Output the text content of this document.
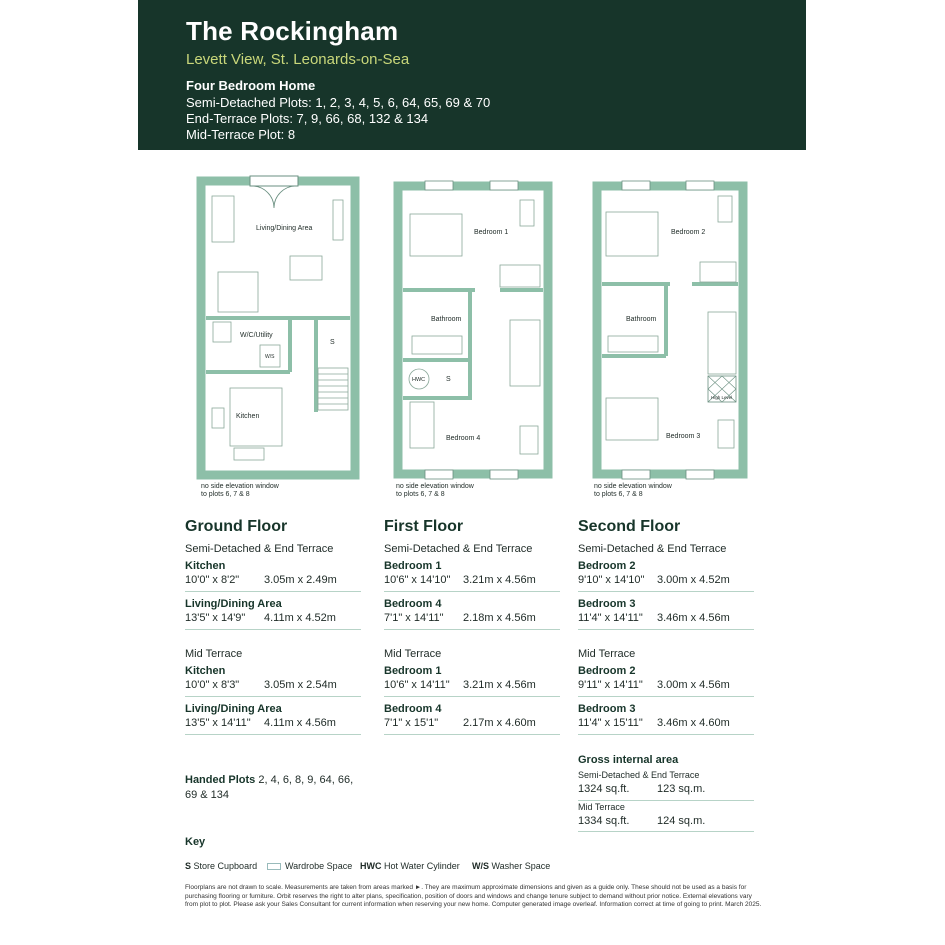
The Rockingham
Levett View, St. Leonards-on-Sea
Four Bedroom Home
Semi-Detached Plots: 1, 2, 3, 4, 5, 6, 64, 65, 69 & 70
End-Terrace Plots: 7, 9, 66, 68, 132 & 134
Mid-Terrace Plot: 8
Living/Dining Area
W/C/Utility
W/S
Kitchen
S
no side elevation window
to plots 6, 7 & 8
Bedroom 1
Bathroom
HWC	S
Bedroom 4
no side elevation window
to plots 6, 7 & 8
Bedroom 2
Bathroom
High Level
Bedroom 3
no side elevation window
to plots 6, 7 & 8
Ground Floor
Semi-Detached & End Terrace
Kitchen
10'0" x 8'2" 3.05m x 2.49m
Living/Dining Area
13'5" x 14'9" 4.11m x 4.52m
Mid Terrace
Kitchen
10'0" x 8'3" 3.05m x 2.54m
Living/Dining Area
13'5" x 14'11" 4.11m x 4.56m
First Floor
Semi-Detached & End Terrace
Bedroom 1
10'6" x 14'10" 3.21m x 4.56m
Bedroom 4
7'1" x 14'11" 2.18m x 4.56m
Mid Terrace
Bedroom 1
10'6" x 14'11" 3.21m x 4.56m
Bedroom 4
7'1" x 15'1" 2.17m x 4.60m
Second Floor
Semi-Detached & End Terrace
Bedroom 2
9'10" x 14'10" 3.00m x 4.52m
Bedroom 3
11'4" x 14'11" 3.46m x 4.56m
Mid Terrace
Bedroom 2
9'11" x 14'11" 3.00m x 4.56m
Bedroom 3
11'4" x 15'11" 3.46m x 4.60m
Gross internal area
Semi-Detached & End Terrace
1324 sq.ft.	123 sq.m.
Mid Terrace
1334 sq.ft.	124 sq.m.
Handed Plots 2, 4, 6, 8, 9, 64, 66,
69 & 134
Key
S Store Cupboard	Wardrobe Space HWC Hot Water Cylinder W/S Washer Space
Floorplans are not drawn to scale. Measurements are taken from areas marked ►. They are maximum approximate dimensions and given as a guide only. These should not be used as a basis for purchasing flooring or furniture. Orbit reserves the right to alter plans, specification, position of doors and windows and change tenure subject to demand without prior notice. External elevations vary from plot to plot. Please ask your Sales Consultant for current information when reserving your new home. Computer generated image overleaf. Information correct at time of going to print. March 2025.
